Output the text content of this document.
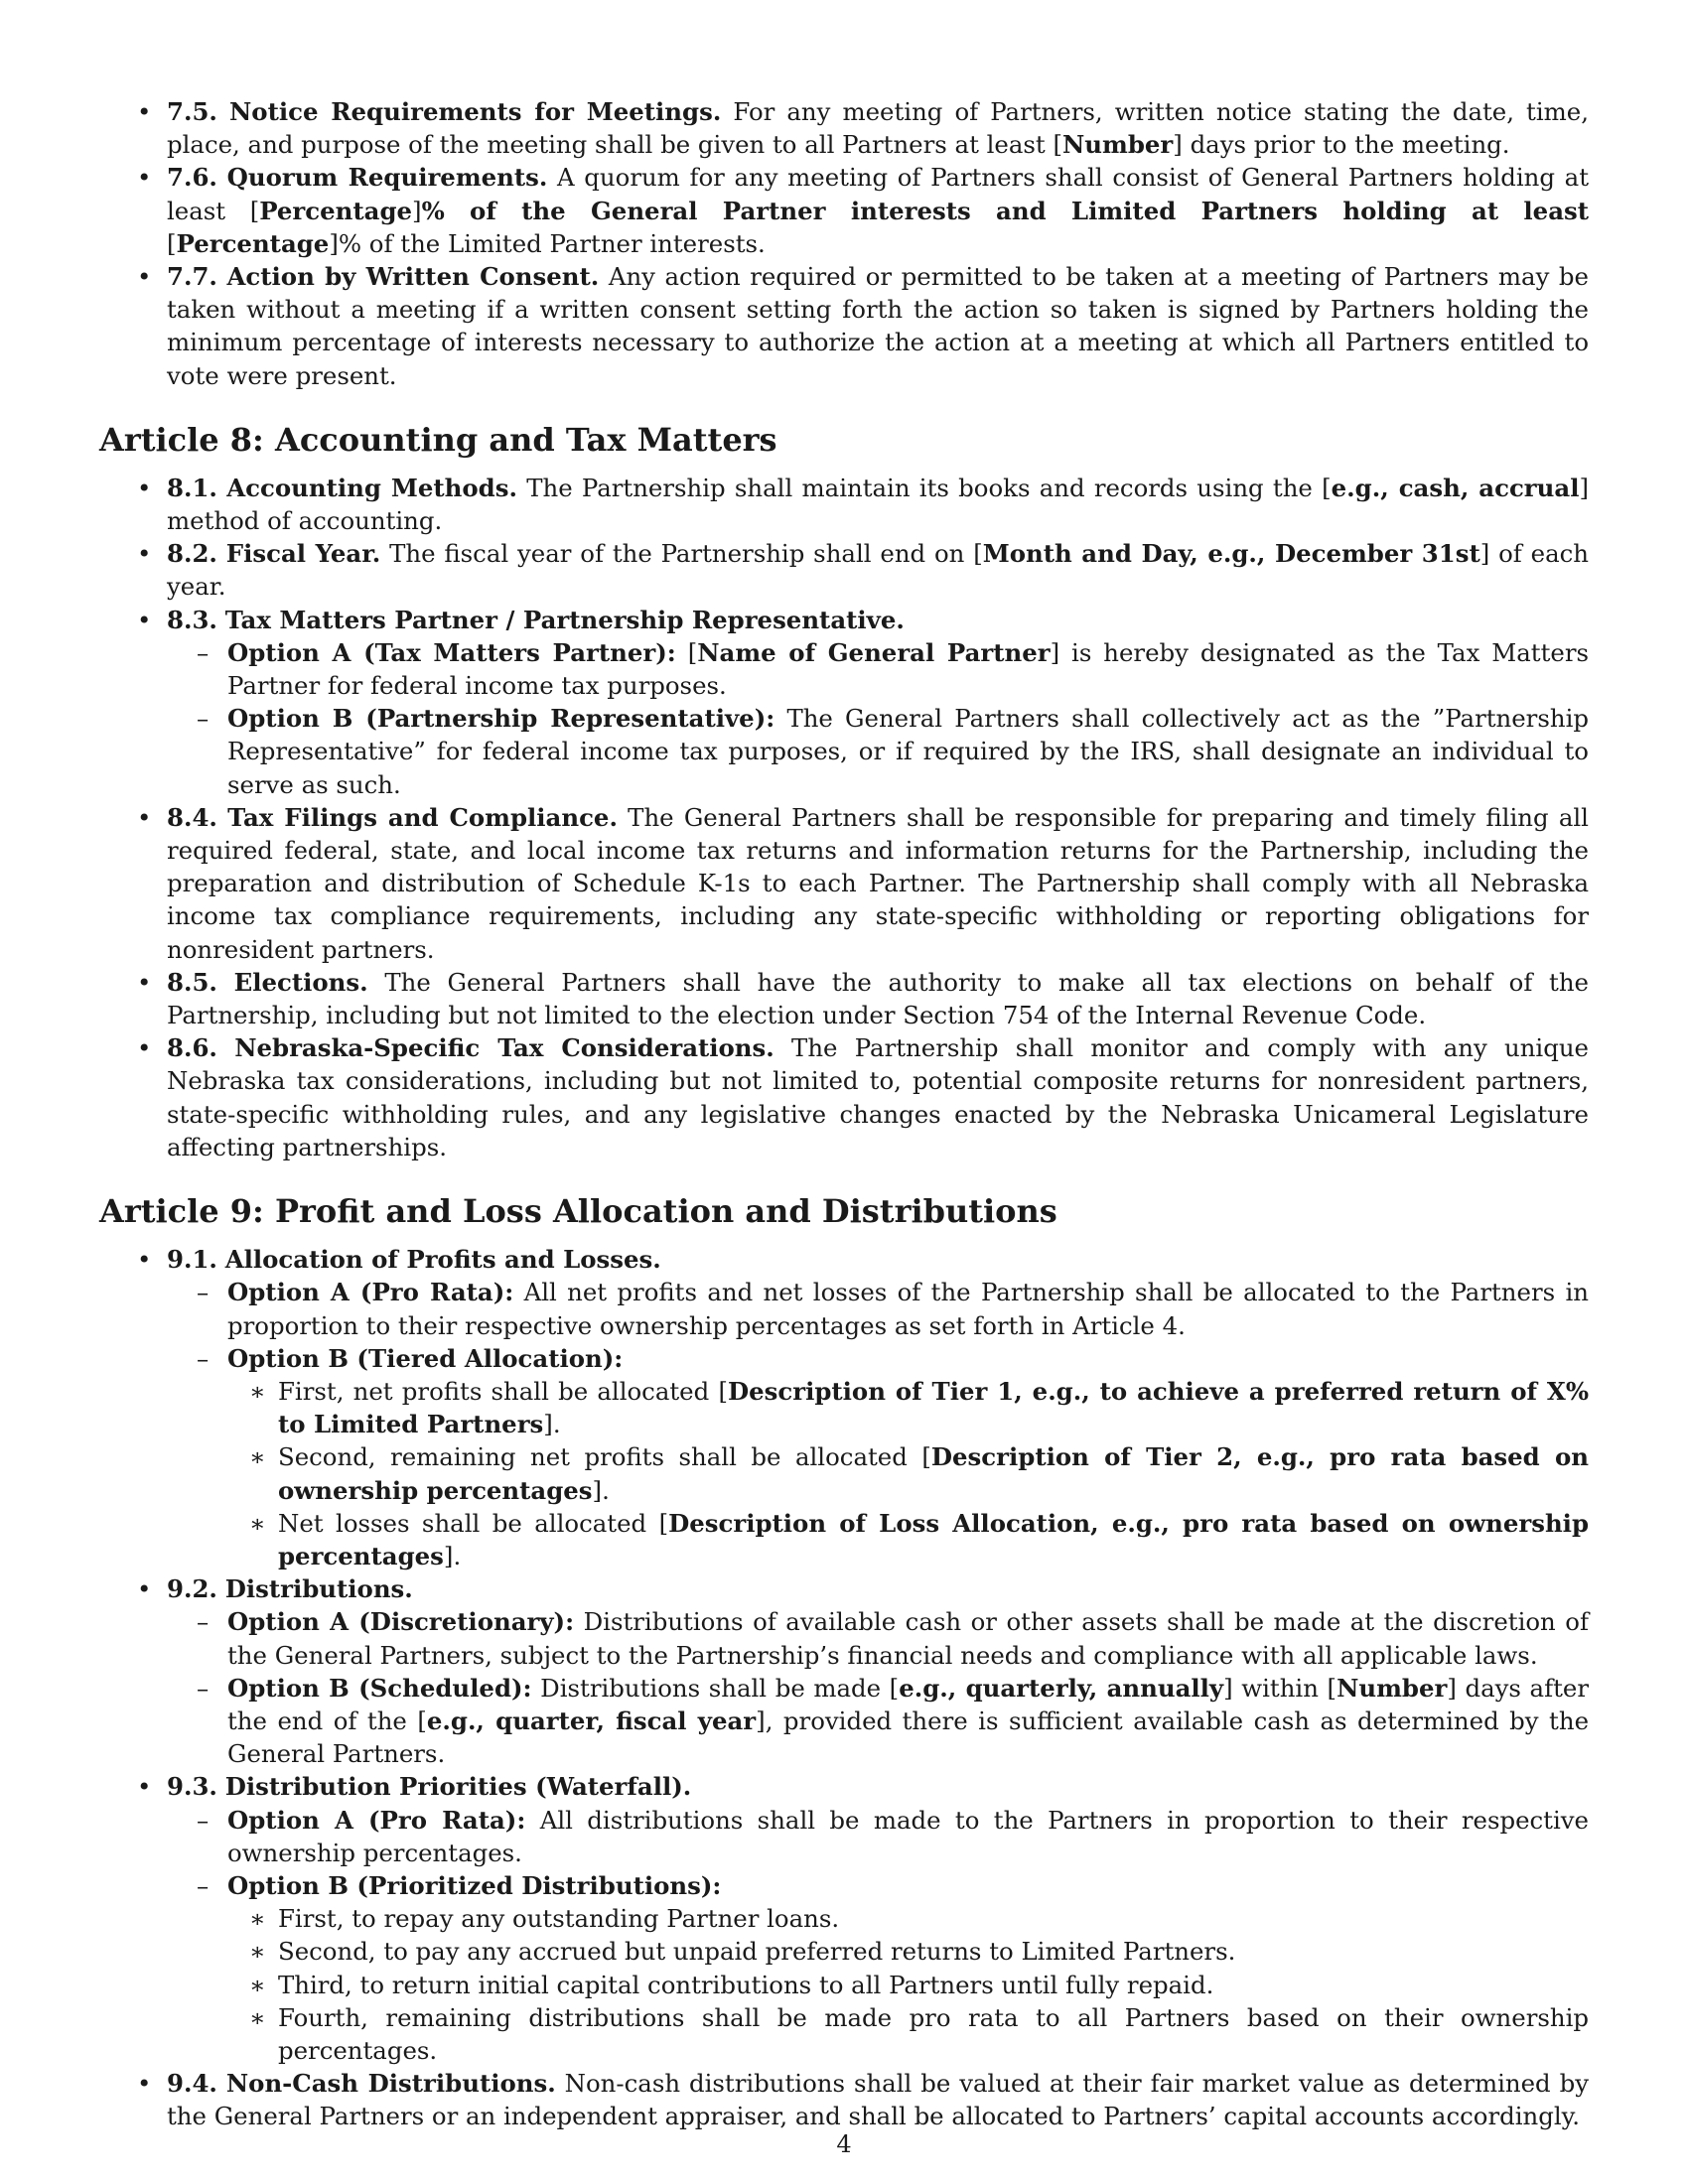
• 7.5. Notice Requirements for Meetings. For any meeting of Partners, written notice stating the date, time, place, and purpose of the meeting shall be given to all Partners at least [Number] days prior to the meeting.
• 7.6. Quorum Requirements. A quorum for any meeting of Partners shall consist of General Partners holding at least [Percentage]% of the General Partner interests and Limited Partners holding at least [Percentage]% of the Limited Partner interests.
• 7.7. Action by Written Consent. Any action required or permitted to be taken at a meeting of Partners may be taken without a meeting if a written consent setting forth the action so taken is signed by Partners holding the minimum percentage of interests necessary to authorize the action at a meeting at which all Partners entitled to vote were present.
Article 8: Accounting and Tax Matters
• 8.1. Accounting Methods. The Partnership shall maintain its books and records using the [e.g., cash, accrual] method of accounting.
• 8.2. Fiscal Year. The fiscal year of the Partnership shall end on [Month and Day, e.g., December 31st] of each year.
• 8.3. Tax Matters Partner / Partnership Representative.
– Option A (Tax Matters Partner): [Name of General Partner] is hereby designated as the Tax Matters Partner for federal income tax purposes.
– Option B (Partnership Representative): The General Partners shall collectively act as the ”Partnership Representative” for federal income tax purposes, or if required by the IRS, shall designate an individual to serve as such.
• 8.4. Tax Filings and Compliance. The General Partners shall be responsible for preparing and timely filing all required federal, state, and local income tax returns and information returns for the Partnership, including the preparation and distribution of Schedule K-1s to each Partner. The Partnership shall comply with all Nebraska income tax compliance requirements, including any state-specific withholding or reporting obligations for nonresident partners.
• 8.5. Elections. The General Partners shall have the authority to make all tax elections on behalf of the Partnership, including but not limited to the election under Section 754 of the Internal Revenue Code.
• 8.6. Nebraska-Specific Tax Considerations. The Partnership shall monitor and comply with any unique Nebraska tax considerations, including but not limited to, potential composite returns for nonresident partners, state-specific withholding rules, and any legislative changes enacted by the Nebraska Unicameral Legislature affecting partnerships.
Article 9: Profit and Loss Allocation and Distributions
• 9.1. Allocation of Profits and Losses.
– Option A (Pro Rata): All net profits and net losses of the Partnership shall be allocated to the Partners in proportion to their respective ownership percentages as set forth in Article 4.
– Option B (Tiered Allocation):
∗ First, net profits shall be allocated [Description of Tier 1, e.g., to achieve a preferred return of X% to Limited Partners].
∗ Second, remaining net profits shall be allocated [Description of Tier 2, e.g., pro rata based on ownership percentages].
∗ Net losses shall be allocated [Description of Loss Allocation, e.g., pro rata based on ownership percentages].
• 9.2. Distributions.
– Option A (Discretionary): Distributions of available cash or other assets shall be made at the discretion of the General Partners, subject to the Partnership’s financial needs and compliance with all applicable laws.
– Option B (Scheduled): Distributions shall be made [e.g., quarterly, annually] within [Number] days after the end of the [e.g., quarter, fiscal year], provided there is sufficient available cash as determined by the General Partners.
• 9.3. Distribution Priorities (Waterfall).
– Option A (Pro Rata): All distributions shall be made to the Partners in proportion to their respective ownership percentages.
– Option B (Prioritized Distributions):
∗ First, to repay any outstanding Partner loans.
∗ Second, to pay any accrued but unpaid preferred returns to Limited Partners.
∗ Third, to return initial capital contributions to all Partners until fully repaid.
∗ Fourth, remaining distributions shall be made pro rata to all Partners based on their ownership percentages.
• 9.4. Non-Cash Distributions. Non-cash distributions shall be valued at their fair market value as determined by the General Partners or an independent appraiser, and shall be allocated to Partners’ capital accounts accordingly.
4
